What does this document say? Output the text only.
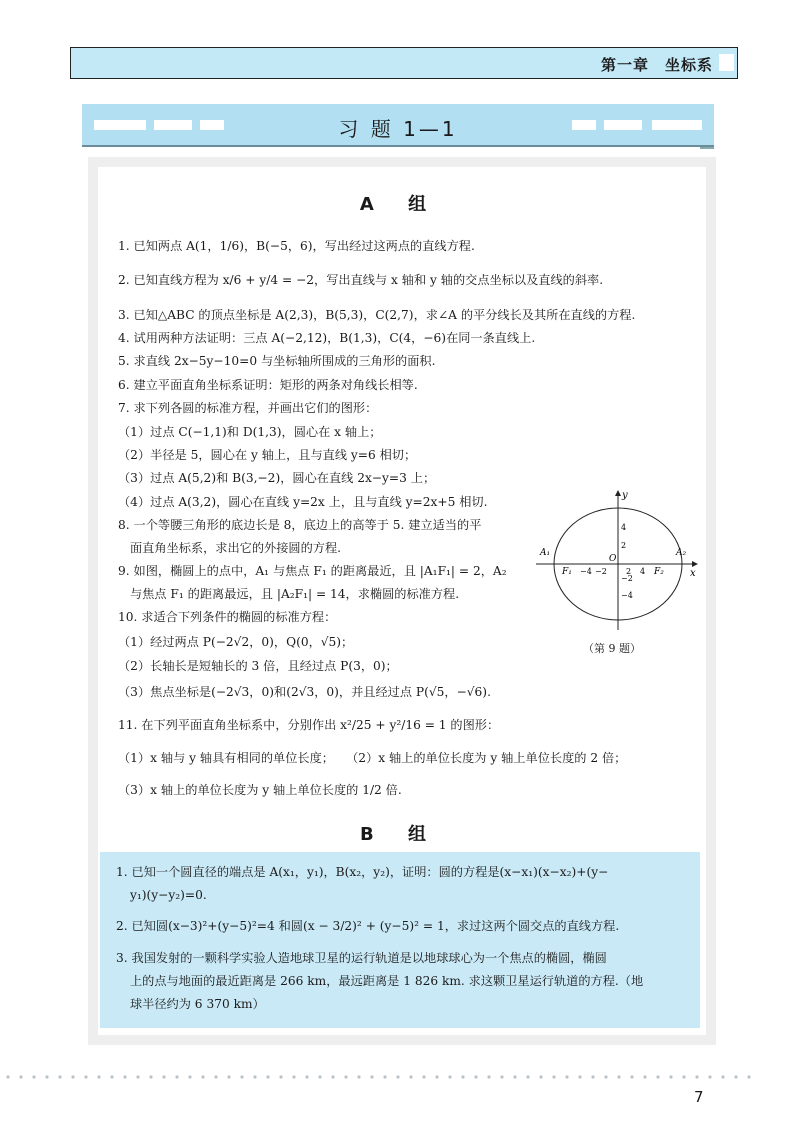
第一章　坐标系
习 题 1—1
A 组
1. 已知两点 A(1，1/6)，B(−5，6)，写出经过这两点的直线方程.
2. 已知直线方程为 x/6 + y/4 = −2，写出直线与 x 轴和 y 轴的交点坐标以及直线的斜率.
3. 已知△ABC 的顶点坐标是 A(2,3)，B(5,3)，C(2,7)，求∠A 的平分线长及其所在直线的方程.
4. 试用两种方法证明：三点 A(−2,12)，B(1,3)，C(4，−6)在同一条直线上.
5. 求直线 2x−5y−10=0 与坐标轴所围成的三角形的面积.
6. 建立平面直角坐标系证明：矩形的两条对角线长相等.
7. 求下列各圆的标准方程，并画出它们的图形：
（1）过点 C(−1,1)和 D(1,3)，圆心在 x 轴上；
（2）半径是 5，圆心在 y 轴上，且与直线 y=6 相切；
（3）过点 A(5,2)和 B(3,−2)，圆心在直线 2x−y=3 上；
（4）过点 A(3,2)，圆心在直线 y=2x 上，且与直线 y=2x+5 相切.
8. 一个等腰三角形的底边长是 8，底边上的高等于 5. 建立适当的平
面直角坐标系，求出它的外接圆的方程.
9. 如图，椭圆上的点中，A₁ 与焦点 F₁ 的距离最近，且 |A₁F₁| = 2，A₂
与焦点 F₁ 的距离最远，且 |A₂F₁| = 14，求椭圆的标准方程.
10. 求适合下列条件的椭圆的标准方程：
（1）经过两点 P(−2√2，0)，Q(0，√5)；
（2）长轴长是短轴长的 3 倍，且经过点 P(3，0)；
（3）焦点坐标是(−2√3，0)和(2√3，0)，并且经过点 P(√5，−√6).
11. 在下列平面直角坐标系中，分别作出 x²/25 + y²/16 = 1 的图形：
（1）x 轴与 y 轴具有相同的单位长度；　　（2）x 轴上的单位长度为 y 轴上单位长度的 2 倍；
（3）x 轴上的单位长度为 y 轴上单位长度的 1/2 倍.
x
y
O
−4 −2 2 4
4
2
−2
−4
A₁	A₂
F₁	F₂
（第 9 题）
B 组
1. 已知一个圆直径的端点是 A(x₁，y₁)，B(x₂，y₂)，证明：圆的方程是(x−x₁)(x−x₂)+(y−
y₁)(y−y₂)=0.
2. 已知圆(x−3)²+(y−5)²=4 和圆(x − 3/2)² + (y−5)² = 1，求过这两个圆交点的直线方程.
3. 我国发射的一颗科学实验人造地球卫星的运行轨道是以地球球心为一个焦点的椭圆，椭圆
上的点与地面的最近距离是 266 km，最远距离是 1 826 km. 求这颗卫星运行轨道的方程.（地
球半径约为 6 370 km）
7
